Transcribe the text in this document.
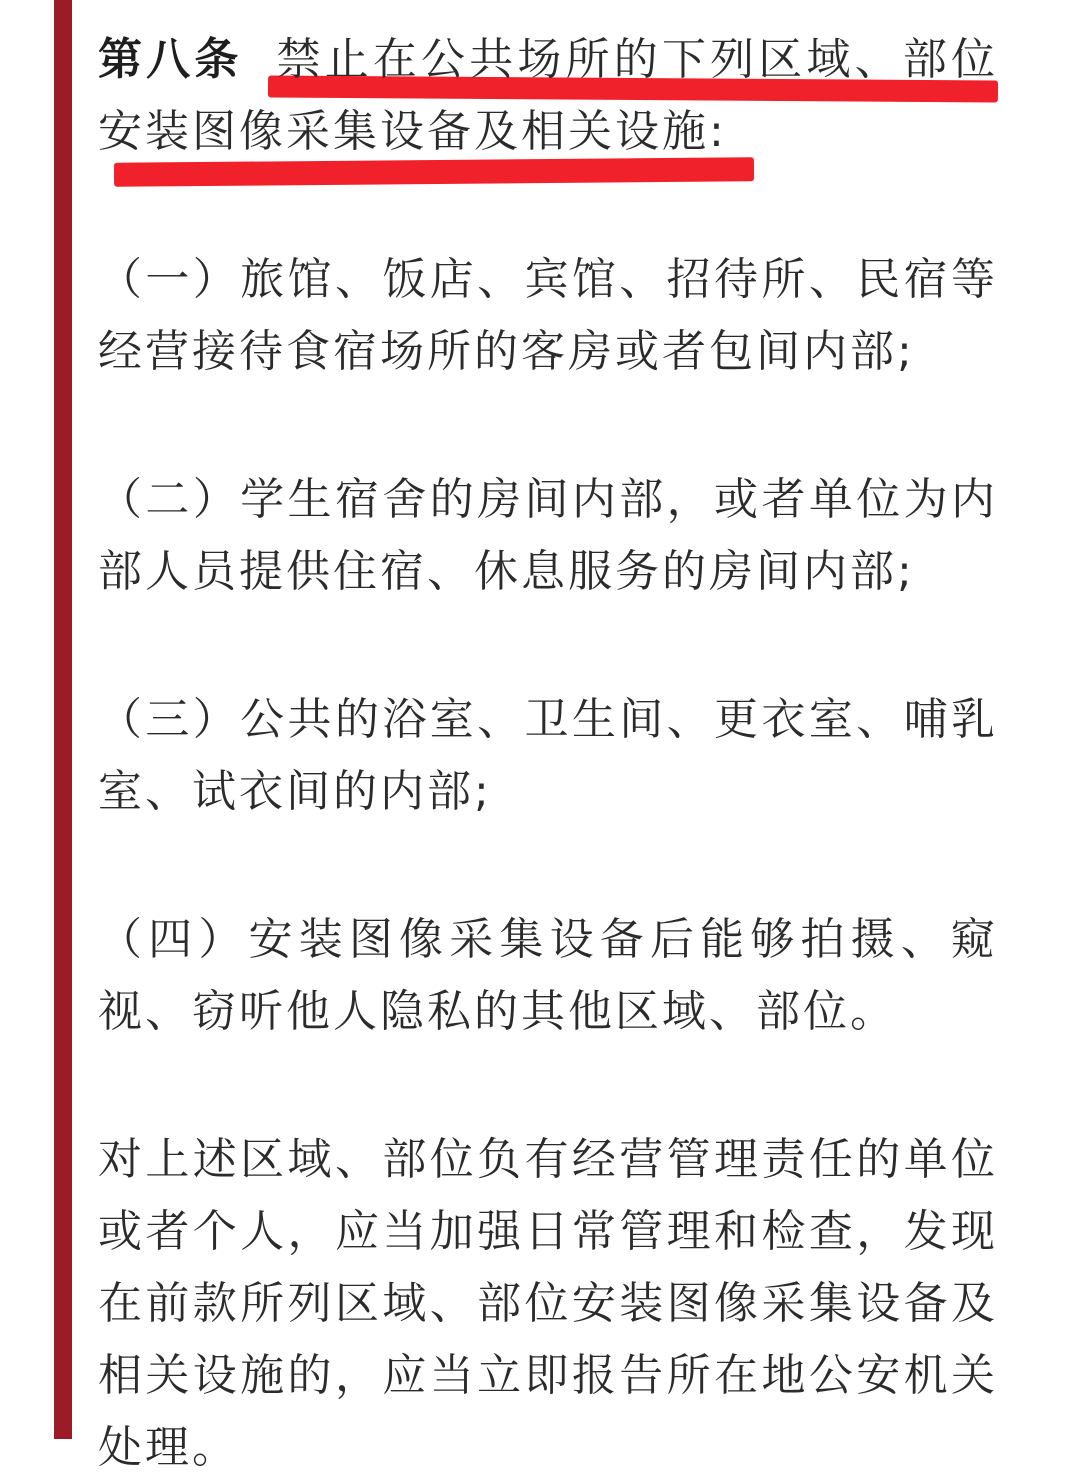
第八条 禁止在公共场所的下列区域、部位
安装图像采集设备及相关设施:
（一）旅馆、饭店、宾馆、招待所、民宿等
经营接待食宿场所的客房或者包间内部;
（二）学生宿舍的房间内部，或者单位为内
部人员提供住宿、休息服务的房间内部;
（三）公共的浴室、卫生间、更衣室、哺乳
室、试衣间的内部;
（四）安装图像采集设备后能够拍摄、窥
视、窃听他人隐私的其他区域、部位。
对上述区域、部位负有经营管理责任的单位
或者个人，应当加强日常管理和检查，发现
在前款所列区域、部位安装图像采集设备及
相关设施的，应当立即报告所在地公安机关
处理。
